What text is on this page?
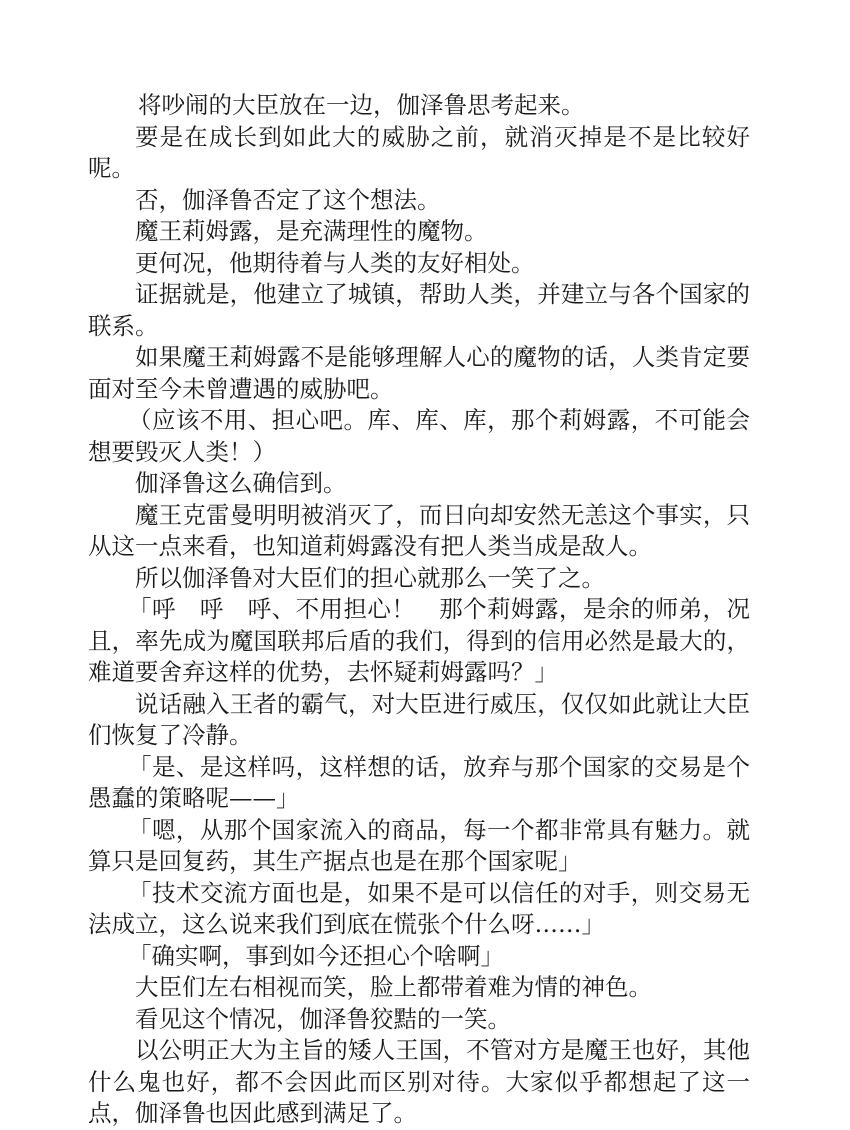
将吵闹的大臣放在一边，伽泽鲁思考起来。

要是在成长到如此大的威胁之前，就消灭掉是不是比较好呢。

否，伽泽鲁否定了这个想法。

魔王莉姆露，是充满理性的魔物。

更何况，他期待着与人类的友好相处。

证据就是，他建立了城镇，帮助人类，并建立与各个国家的联系。

如果魔王莉姆露不是能够理解人心的魔物的话，人类肯定要面对至今未曾遭遇的威胁吧。

（应该不用、担心吧。库、库、库，那个莉姆露，不可能会想要毁灭人类！）

伽泽鲁这么确信到。

魔王克雷曼明明被消灭了，而日向却安然无恙这个事实，只从这一点来看，也知道莉姆露没有把人类当成是敌人。

所以伽泽鲁对大臣们的担心就那么一笑了之。

「呼　呼　呼、不用担心！　那个莉姆露，是余的师弟，况且，率先成为魔国联邦后盾的我们，得到的信用必然是最大的，难道要舍弃这样的优势，去怀疑莉姆露吗？」

说话融入王者的霸气，对大臣进行威压，仅仅如此就让大臣们恢复了冷静。

「是、是这样吗，这样想的话，放弃与那个国家的交易是个愚蠢的策略呢——」

「嗯，从那个国家流入的商品，每一个都非常具有魅力。就算只是回复药，其生产据点也是在那个国家呢」

「技术交流方面也是，如果不是可以信任的对手，则交易无法成立，这么说来我们到底在慌张个什么呀……」

「确实啊，事到如今还担心个啥啊」

大臣们左右相视而笑，脸上都带着难为情的神色。

看见这个情况，伽泽鲁狡黠的一笑。

以公明正大为主旨的矮人王国，不管对方是魔王也好，其他什么鬼也好，都不会因此而区别对待。大家似乎都想起了这一点，伽泽鲁也因此感到满足了。
